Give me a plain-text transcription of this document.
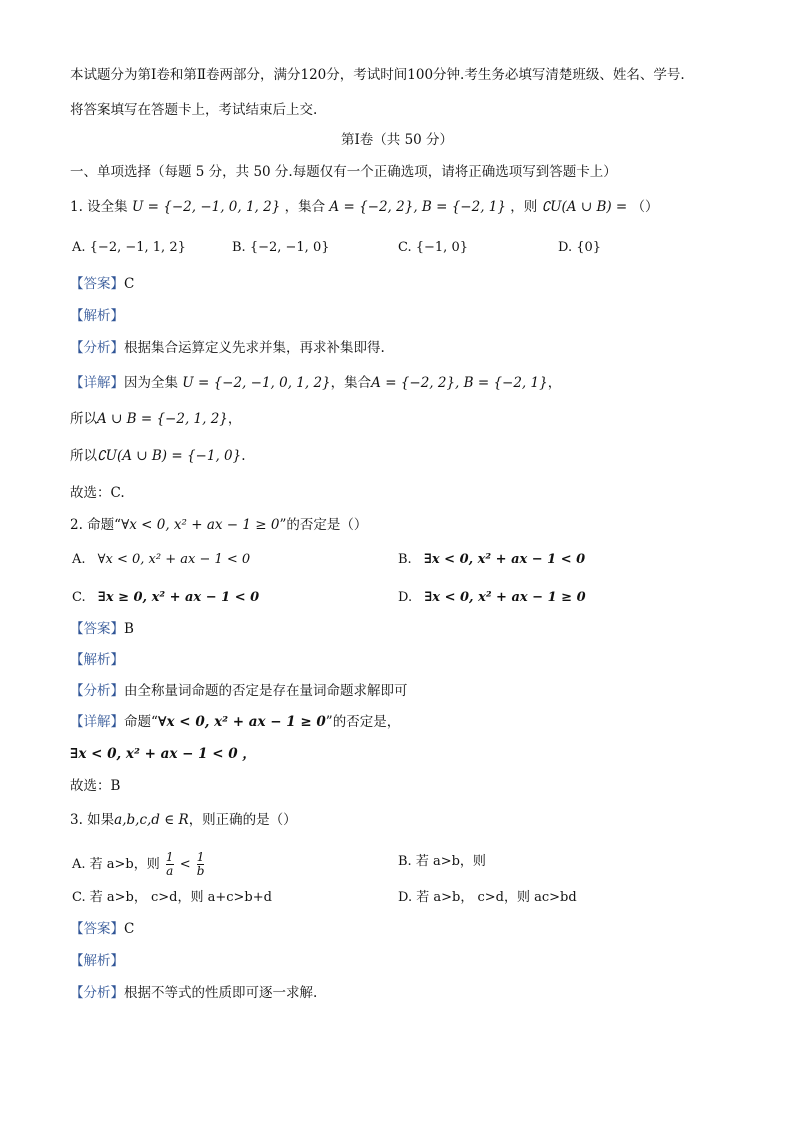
本试题分为第Ⅰ卷和第Ⅱ卷两部分，满分120分，考试时间100分钟.考生务必填写清楚班级、姓名、学号.
将答案填写在答题卡上，考试结束后上交.
第Ⅰ卷（共 50 分）
一、单项选择（每题 5 分，共 50 分.每题仅有一个正确选项，请将正确选项写到答题卡上）
1. 设全集 U = {−2, −1, 0, 1, 2} ，集合 A = {−2, 2}, B = {−2, 1} ，则 ∁U(A ∪ B) = （）
A. {−2, −1, 1, 2}	B. {−2, −1, 0}	C. {−1, 0}	D. {0}
【答案】C
【解析】
【分析】根据集合运算定义先求并集，再求补集即得.
【详解】因为全集 U = {−2, −1, 0, 1, 2}，集合A = {−2, 2}, B = {−2, 1}，
所以A ∪ B = {−2, 1, 2}，
所以∁U(A ∪ B) = {−1, 0}.
故选：C.
2. 命题“∀x < 0, x² + ax − 1 ≥ 0”的否定是（）
A. ∀x < 0, x² + ax − 1 < 0	B. ∃x < 0, x² + ax − 1 < 0
C. ∃x ≥ 0, x² + ax − 1 < 0	D. ∃x < 0, x² + ax − 1 ≥ 0
【答案】B
【解析】
【分析】由全称量词命题的否定是存在量词命题求解即可
【详解】命题“∀x < 0, x² + ax − 1 ≥ 0”的否定是，
∃x < 0, x² + ax − 1 < 0 ，
故选：B
3. 如果a,b,c,d ∈ R，则正确的是（）
A. 若 a>b，则 $\frac{1}{a} < \frac{1}{b}$	B. 若 a>b，则
C. 若 a>b， c>d，则 a+c>b+d	D. 若 a>b， c>d，则 ac>bd
【答案】C
【解析】
【分析】根据不等式的性质即可逐一求解.
